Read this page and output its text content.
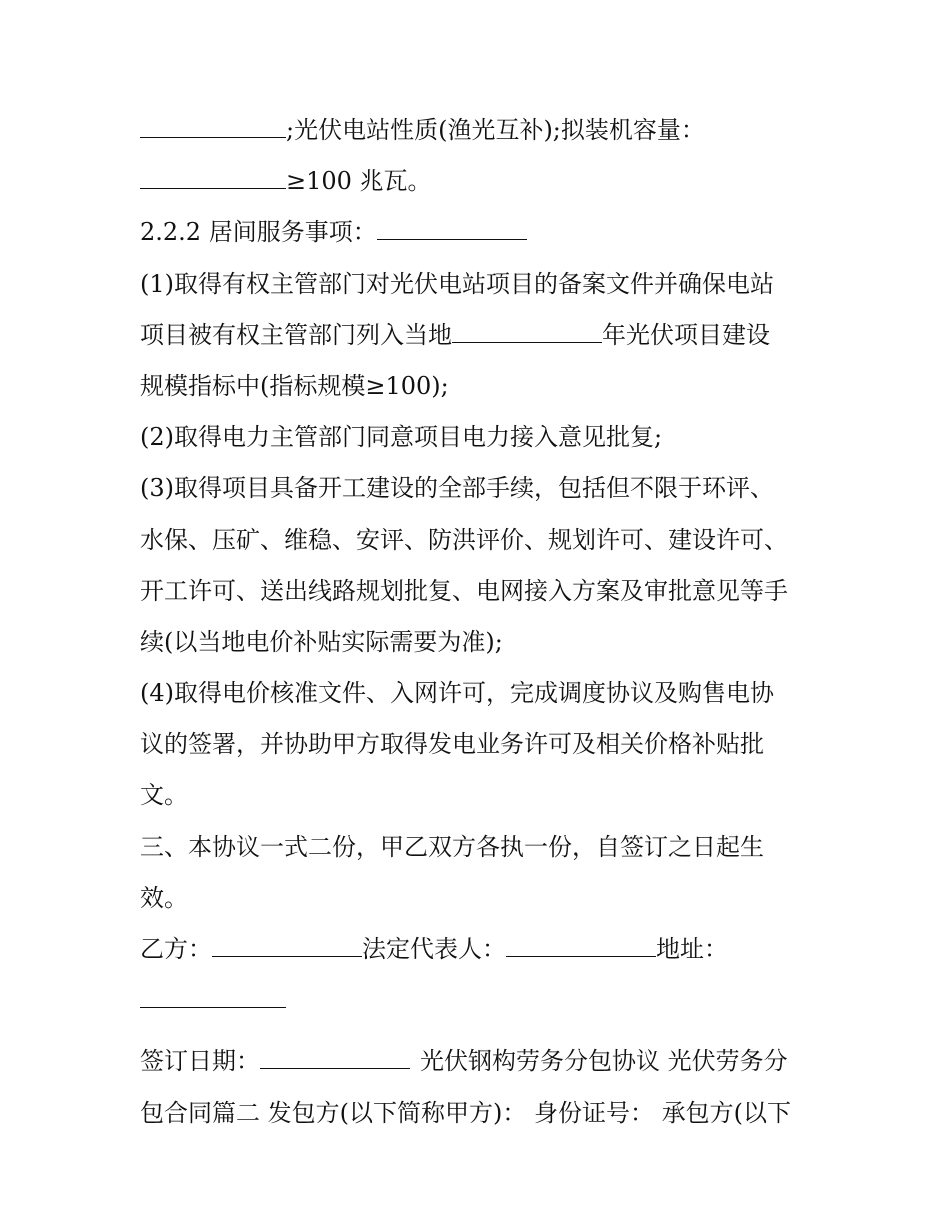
;光伏电站性质(渔光互补);拟装机容量：
≥100 兆瓦。
2.2.2 居间服务事项：
(1)取得有权主管部门对光伏电站项目的备案文件并确保电站
项目被有权主管部门列入当地	年光伏项目建设
规模指标中(指标规模≥100);
(2)取得电力主管部门同意项目电力接入意见批复;
(3)取得项目具备开工建设的全部手续，包括但不限于环评、
水保、压矿、维稳、安评、防洪评价、规划许可、建设许可、
开工许可、送出线路规划批复、电网接入方案及审批意见等手
续(以当地电价补贴实际需要为准);
(4)取得电价核准文件、入网许可，完成调度协议及购售电协
议的签署，并协助甲方取得发电业务许可及相关价格补贴批
文。
三、本协议一式二份，甲乙双方各执一份，自签订之日起生
效。
乙方：	法定代表人：	地址：
签订日期：	光伏钢构劳务分包协议 光伏劳务分
包合同篇二 发包方(以下简称甲方)： 身份证号： 承包方(以下
